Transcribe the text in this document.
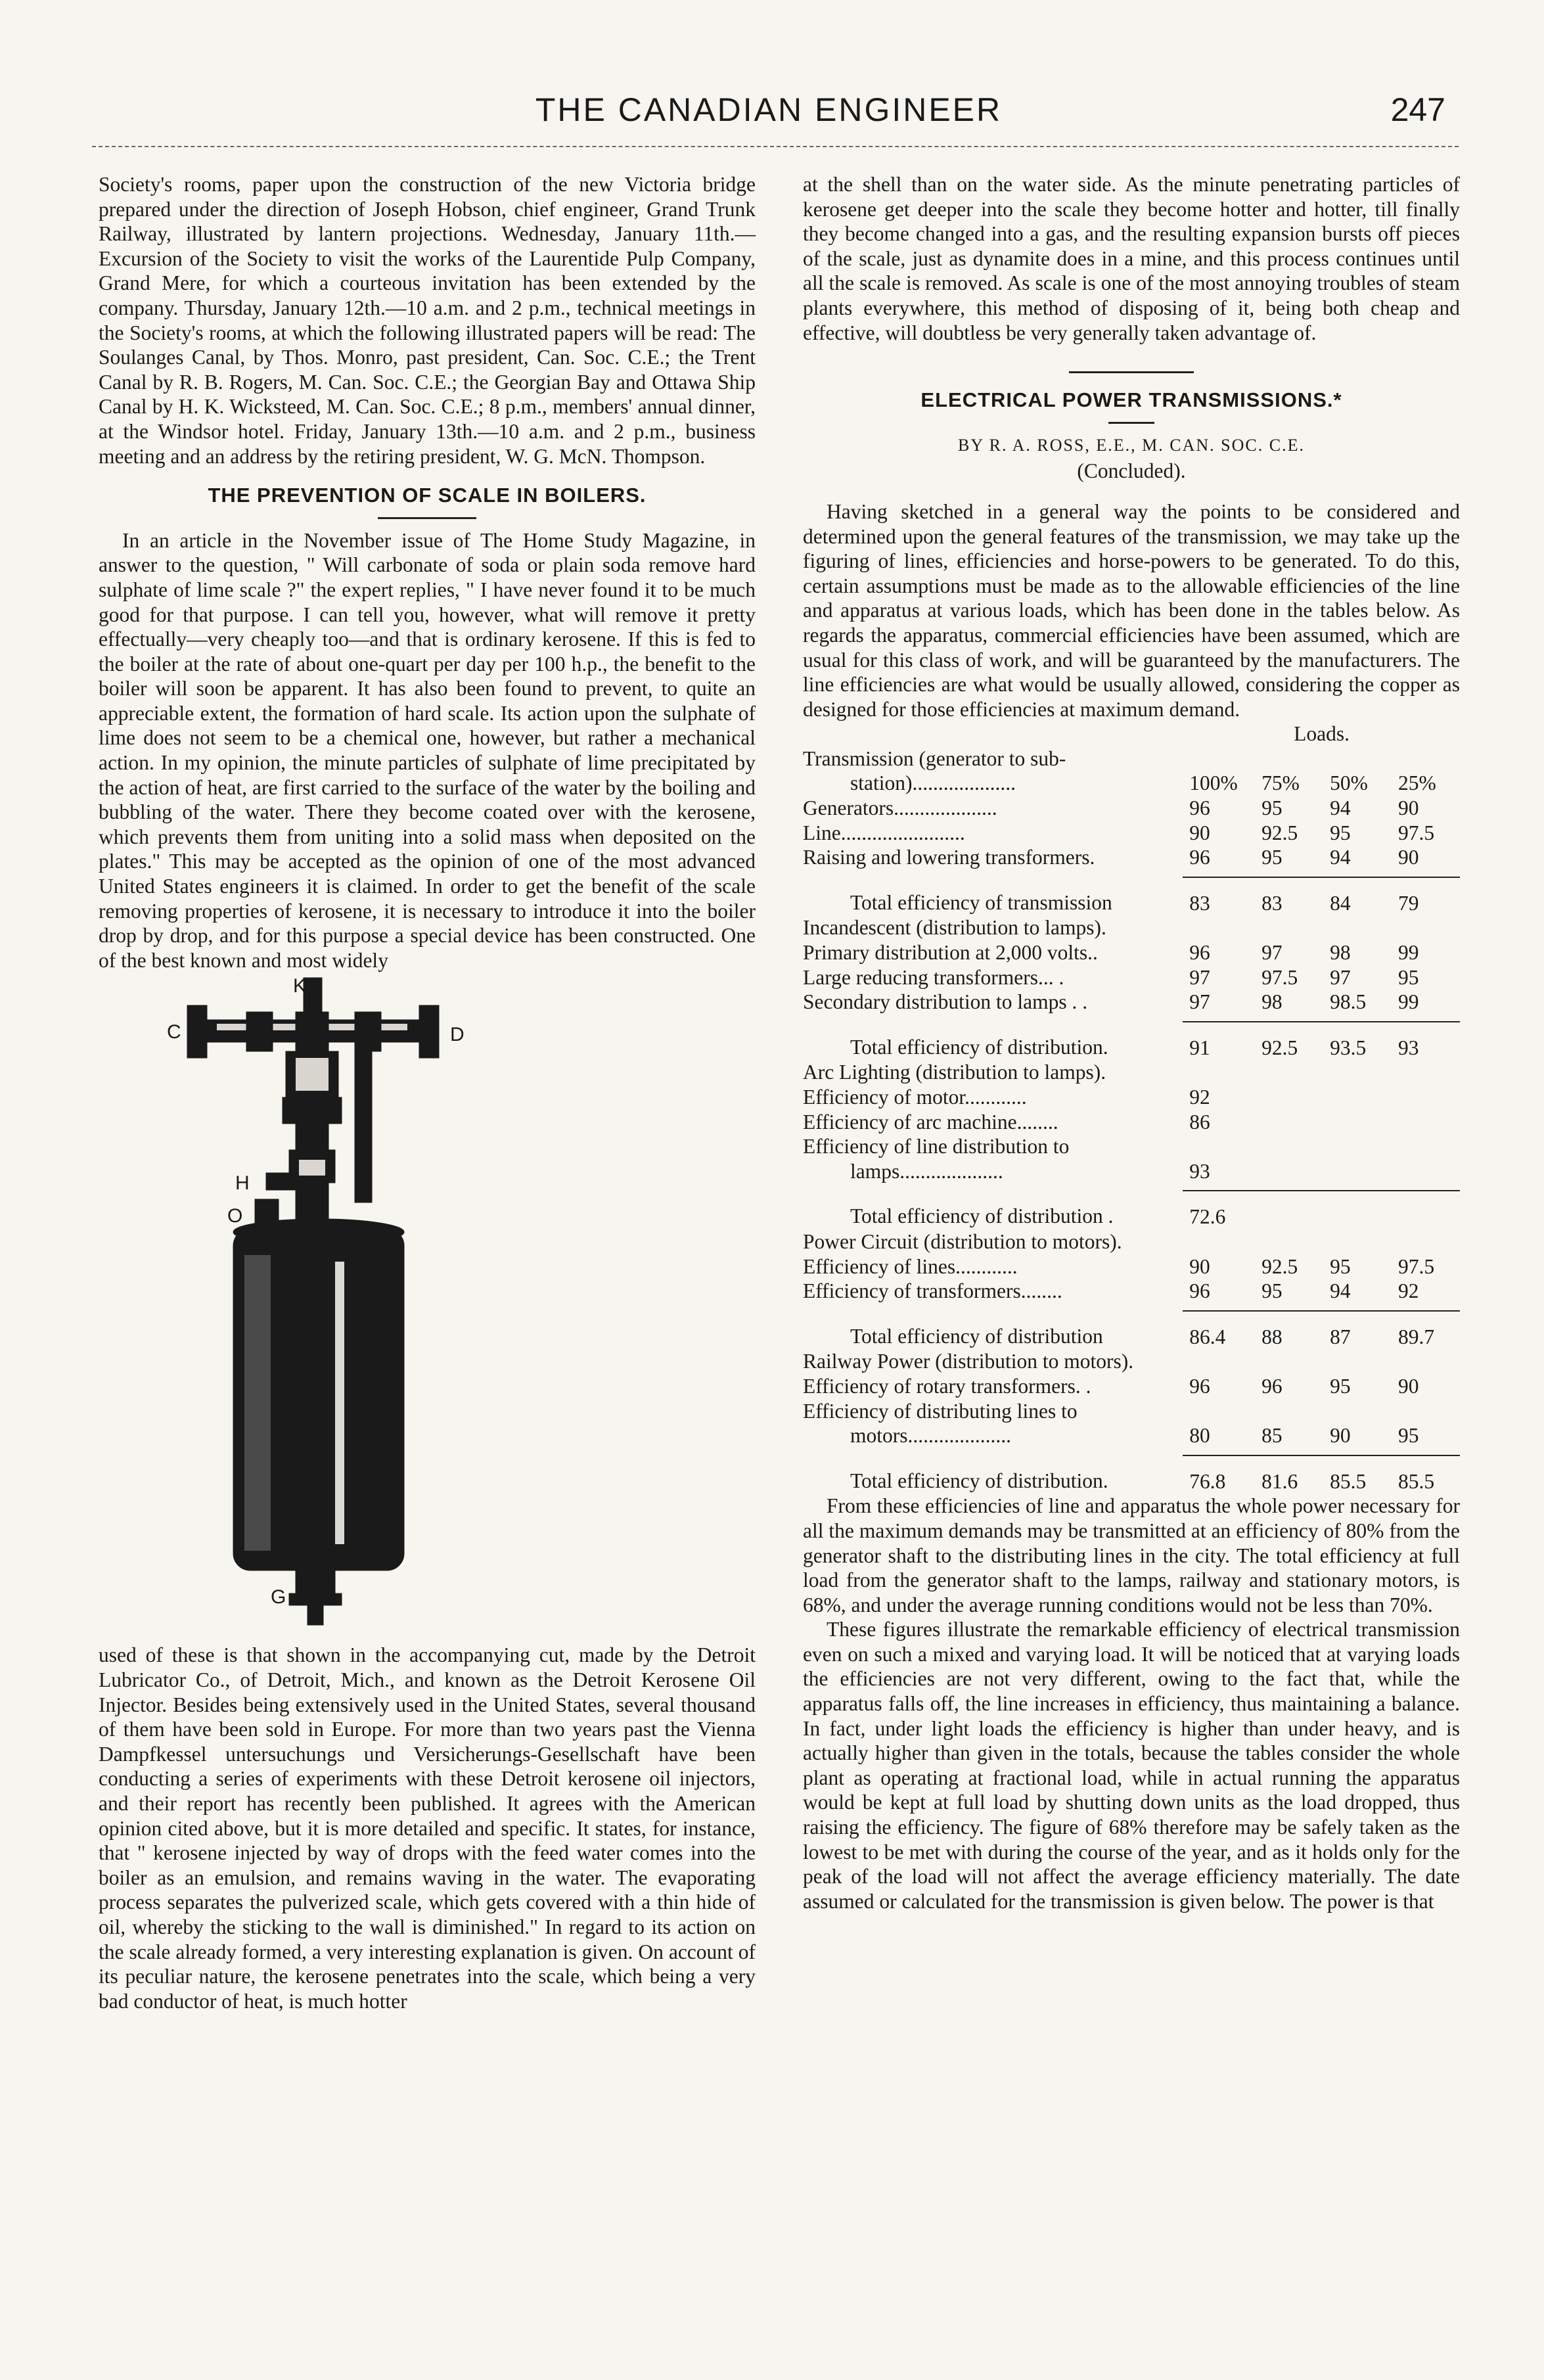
THE CANADIAN ENGINEER	247

Society's rooms, paper upon the construction of the new Victoria bridge prepared under the direction of Joseph Hobson, chief engineer, Grand Trunk Railway, illustrated by lantern projections. Wednesday, January 11th.—Excursion of the Society to visit the works of the Laurentide Pulp Company, Grand Mere, for which a courteous invitation has been extended by the company. Thursday, January 12th.—10 a.m. and 2 p.m., technical meetings in the Society's rooms, at which the following illustrated papers will be read: The Soulanges Canal, by Thos. Monro, past president, Can. Soc. C.E.; the Trent Canal by R. B. Rogers, M. Can. Soc. C.E.; the Georgian Bay and Ottawa Ship Canal by H. K. Wicksteed, M. Can. Soc. C.E.; 8 p.m., members' annual dinner, at the Windsor hotel. Friday, January 13th.—10 a.m. and 2 p.m., business meeting and an address by the retiring president, W. G. McN. Thompson.

THE PREVENTION OF SCALE IN BOILERS.

In an article in the November issue of The Home Study Magazine, in answer to the question, " Will carbonate of soda or plain soda remove hard sulphate of lime scale ?" the expert replies, " I have never found it to be much good for that purpose. I can tell you, however, what will remove it pretty effectually—very cheaply too—and that is ordinary kerosene. If this is fed to the boiler at the rate of about one-quart per day per 100 h.p., the benefit to the boiler will soon be apparent. It has also been found to prevent, to quite an appreciable extent, the formation of hard scale. Its action upon the sulphate of lime does not seem to be a chemical one, however, but rather a mechanical action. In my opinion, the minute particles of sulphate of lime precipitated by the action of heat, are first carried to the surface of the water by the boiling and bubbling of the water. There they become coated over with the kerosene, which prevents them from uniting into a solid mass when deposited on the plates." This may be accepted as the opinion of one of the most advanced United States engineers it is claimed. In order to get the benefit of the scale removing properties of kerosene, it is necessary to introduce it into the boiler drop by drop, and for this purpose a special device has been constructed. One of the best known and most widely

K
C	D
H
O
G

used of these is that shown in the accompanying cut, made by the Detroit Lubricator Co., of Detroit, Mich., and known as the Detroit Kerosene Oil Injector. Besides being extensively used in the United States, several thousand of them have been sold in Europe. For more than two years past the Vienna Dampfkessel untersuchungs und Versicherungs-Gesellschaft have been conducting a series of experiments with these Detroit kerosene oil injectors, and their report has recently been published. It agrees with the American opinion cited above, but it is more detailed and specific. It states, for instance, that " kerosene injected by way of drops with the feed water comes into the boiler as an emulsion, and remains waving in the water. The evaporating process separates the pulverized scale, which gets covered with a thin hide of oil, whereby the sticking to the wall is diminished." In regard to its action on the scale already formed, a very interesting explanation is given. On account of its peculiar nature, the kerosene penetrates into the scale, which being a very bad conductor of heat, is much hotter

at the shell than on the water side. As the minute penetrating particles of kerosene get deeper into the scale they become hotter and hotter, till finally they become changed into a gas, and the resulting expansion bursts off pieces of the scale, just as dynamite does in a mine, and this process continues until all the scale is removed. As scale is one of the most annoying troubles of steam plants everywhere, this method of disposing of it, being both cheap and effective, will doubtless be very generally taken advantage of.

ELECTRICAL POWER TRANSMISSIONS.*
BY R. A. ROSS, E.E., M. CAN. SOC. C.E.
(Concluded).

Having sketched in a general way the points to be considered and determined upon the general features of the transmission, we may take up the figuring of lines, efficiencies and horse-powers to be generated. To do this, certain assumptions must be made as to the allowable efficiencies of the line and apparatus at various loads, which has been done in the tables below. As regards the apparatus, commercial efficiencies have been assumed, which are usual for this class of work, and will be guaranteed by the manufacturers. The line efficiencies are what would be usually allowed, considering the copper as designed for those efficiencies at maximum demand.

Loads.
Transmission (generator to sub-				
station)....................	100%	75%	50%	25%
Generators....................	96	95	94	90
Line........................	90	92.5	95	97.5
Raising and lowering transformers.	96	95	94	90
Total efficiency of transmission	83	83	84	79
Incandescent (distribution to lamps).				
Primary distribution at 2,000 volts..	96	97	98	99
Large reducing transformers... .	97	97.5	97	95
Secondary distribution to lamps . .	97	98	98.5	99
Total efficiency of distribution.	91	92.5	93.5	93
Arc Lighting (distribution to lamps).				
Efficiency of motor............	92			
Efficiency of arc machine........	86			
Efficiency of line distribution to				
lamps....................	93			
Total efficiency of distribution .	72.6			
Power Circuit (distribution to motors).				
Efficiency of lines............	90	92.5	95	97.5
Efficiency of transformers........	96	95	94	92
Total efficiency of distribution	86.4	88	87	89.7
Railway Power (distribution to motors).				
Efficiency of rotary transformers. .	96	96	95	90
Efficiency of distributing lines to				
motors....................	80	85	90	95
Total efficiency of distribution.	76.8	81.6	85.5	85.5

From these efficiencies of line and apparatus the whole power necessary for all the maximum demands may be transmitted at an efficiency of 80% from the generator shaft to the distributing lines in the city. The total efficiency at full load from the generator shaft to the lamps, railway and stationary motors, is 68%, and under the average running conditions would not be less than 70%.

These figures illustrate the remarkable efficiency of electrical transmission even on such a mixed and varying load. It will be noticed that at varying loads the efficiencies are not very different, owing to the fact that, while the apparatus falls off, the line increases in efficiency, thus maintaining a balance. In fact, under light loads the efficiency is higher than under heavy, and is actually higher than given in the totals, because the tables consider the whole plant as operating at fractional load, while in actual running the apparatus would be kept at full load by shutting down units as the load dropped, thus raising the efficiency. The figure of 68% therefore may be safely taken as the lowest to be met with during the course of the year, and as it holds only for the peak of the load will not affect the average efficiency materially. The date assumed or calculated for the transmission is given below. The power is that
